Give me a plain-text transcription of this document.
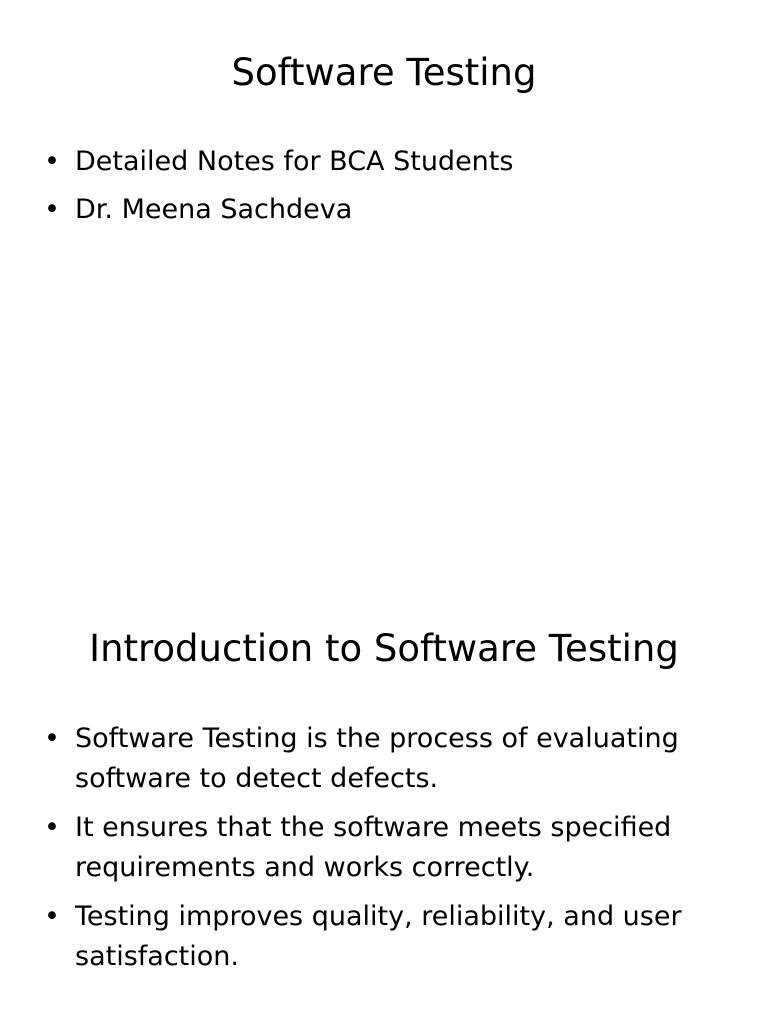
Software Testing
• Detailed Notes for BCA Students
• Dr. Meena Sachdeva
Introduction to Software Testing
• Software Testing is the process of evaluating software to detect defects.
• It ensures that the software meets specified requirements and works correctly.
• Testing improves quality, reliability, and user satisfaction.
